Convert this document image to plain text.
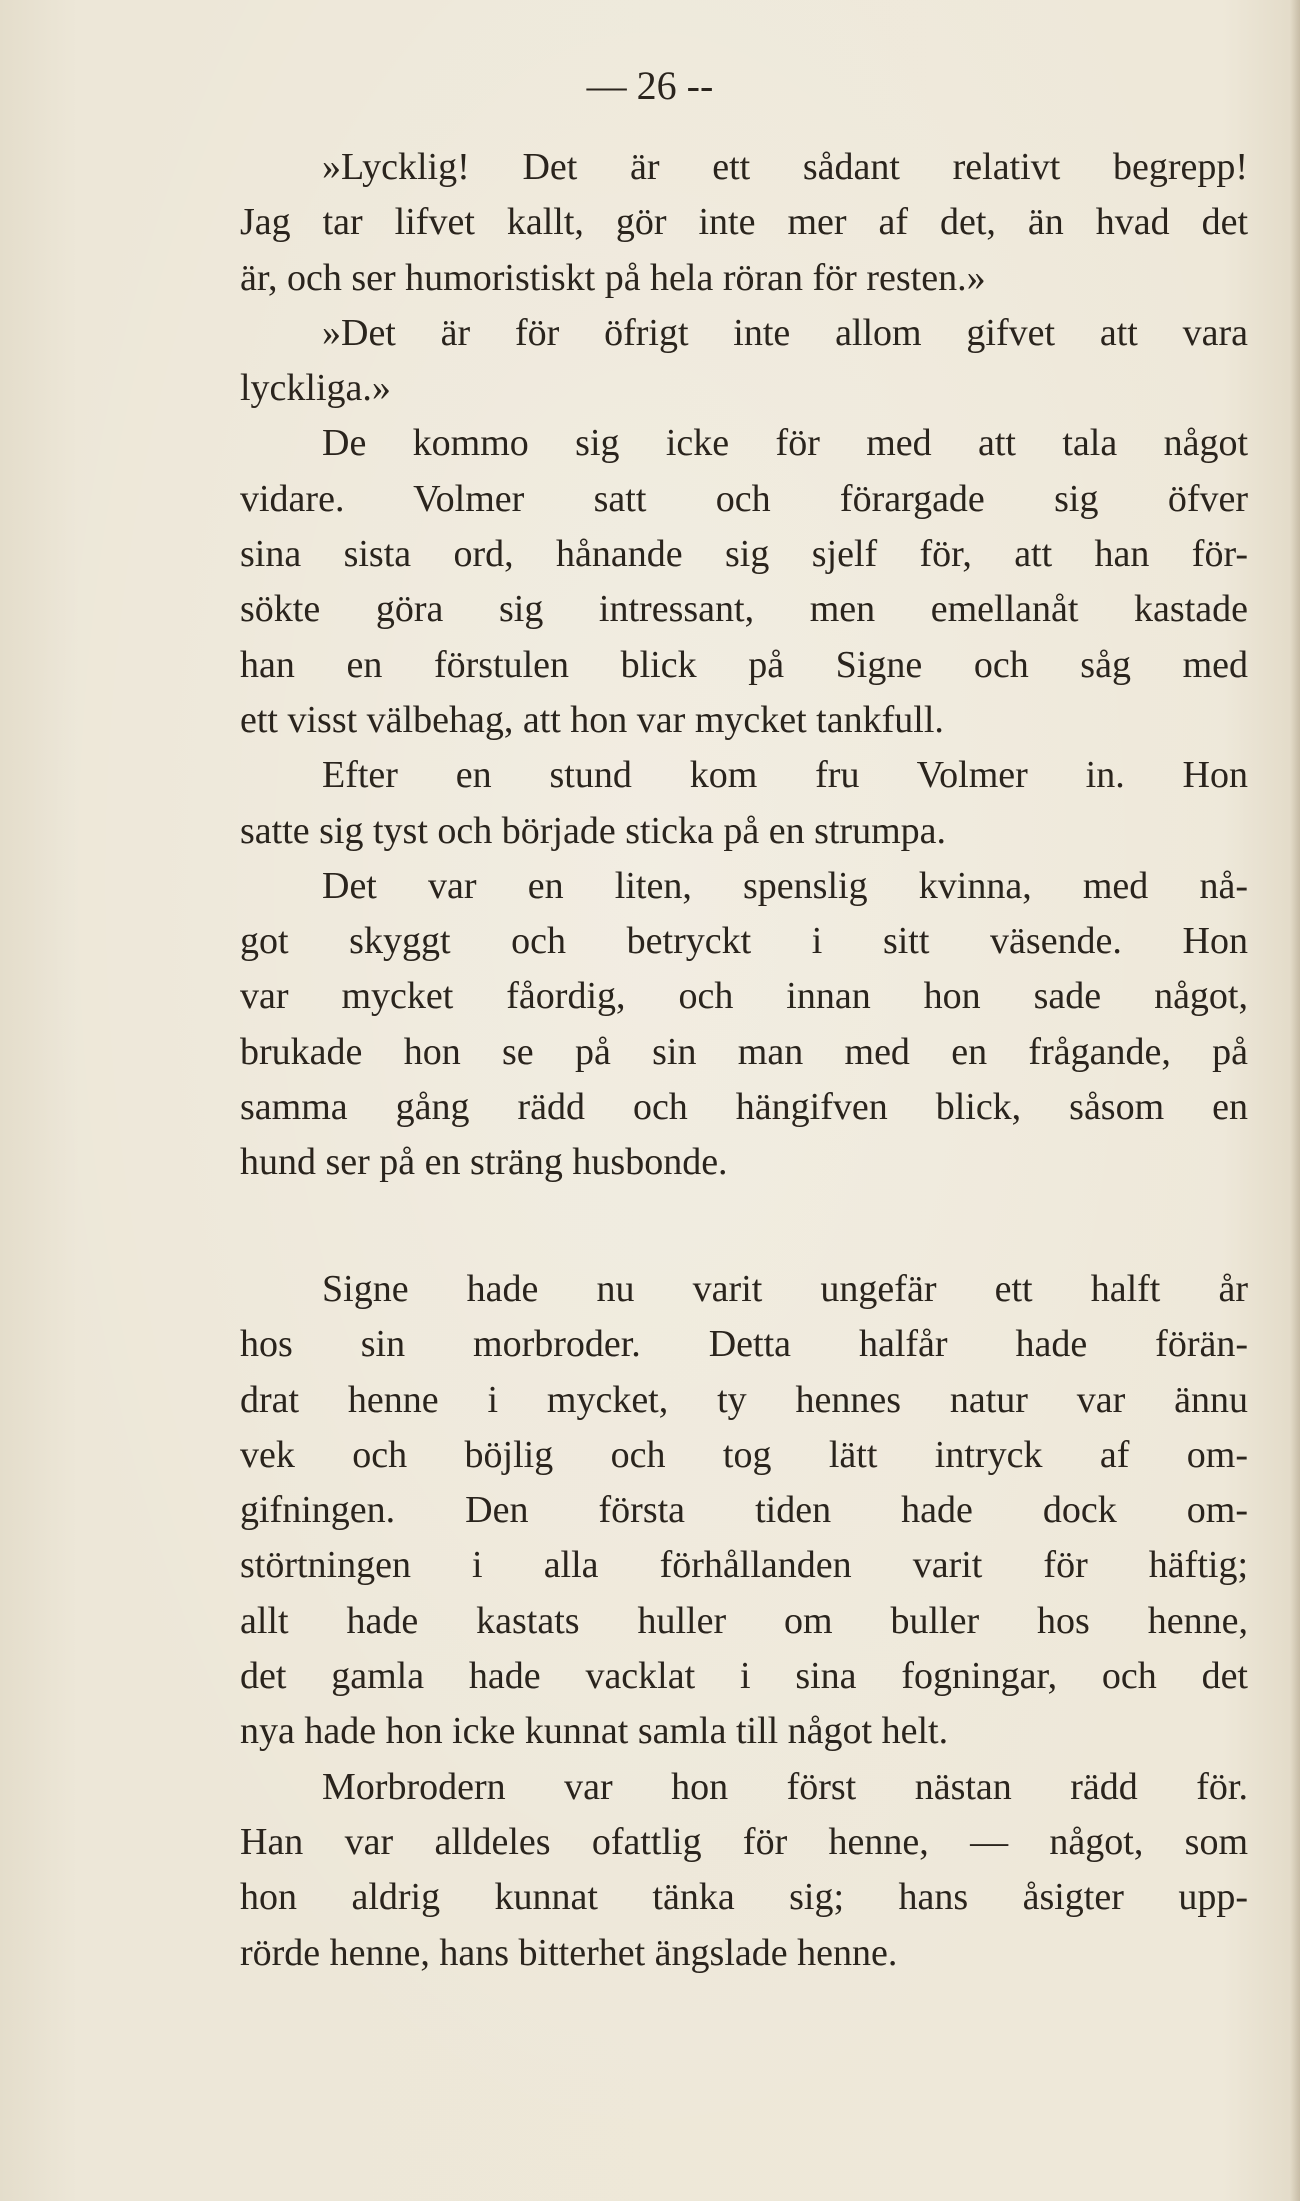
— 26 --

»Lycklig! Det är ett sådant relativt begrepp!
Jag tar lifvet kallt, gör inte mer af det, än hvad det
är, och ser humoristiskt på hela röran för resten.»
»Det är för öfrigt inte allom gifvet att vara
lyckliga.»
De kommo sig icke för med att tala något
vidare. Volmer satt och förargade sig öfver
sina sista ord, hånande sig sjelf för, att han för-
sökte göra sig intressant, men emellanåt kastade
han en förstulen blick på Signe och såg med
ett visst välbehag, att hon var mycket tankfull.
Efter en stund kom fru Volmer in. Hon
satte sig tyst och började sticka på en strumpa.
Det var en liten, spenslig kvinna, med nå-
got skyggt och betryckt i sitt väsende. Hon
var mycket fåordig, och innan hon sade något,
brukade hon se på sin man med en frågande, på
samma gång rädd och hängifven blick, såsom en
hund ser på en sträng husbonde.
Signe hade nu varit ungefär ett halft år
hos sin morbroder. Detta halfår hade förän-
drat henne i mycket, ty hennes natur var ännu
vek och böjlig och tog lätt intryck af om-
gifningen. Den första tiden hade dock om-
störtningen i alla förhållanden varit för häftig;
allt hade kastats huller om buller hos henne,
det gamla hade vacklat i sina fogningar, och det
nya hade hon icke kunnat samla till något helt.
Morbrodern var hon först nästan rädd för.
Han var alldeles ofattlig för henne, — något, som
hon aldrig kunnat tänka sig; hans åsigter upp-
rörde henne, hans bitterhet ängslade henne.
